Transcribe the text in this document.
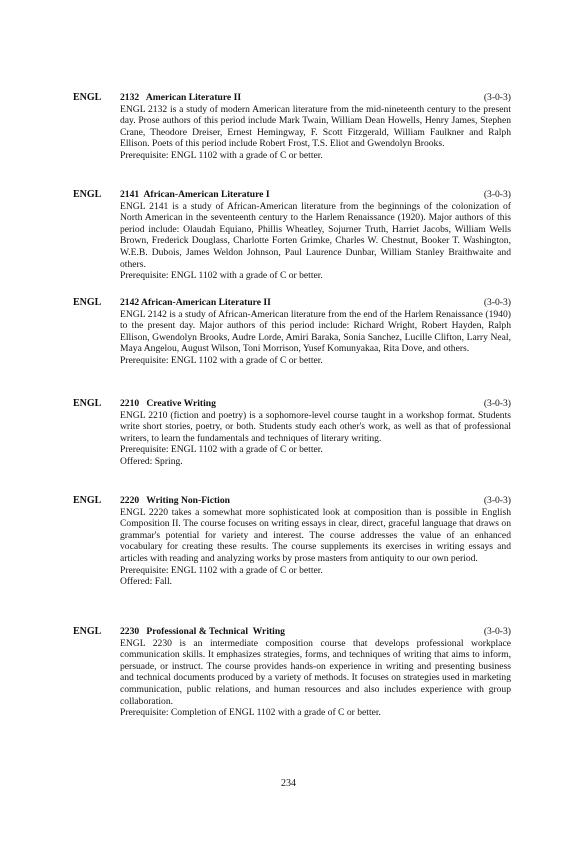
ENGL 2132   American Literature II	(3-0-3)
ENGL 2132 is a study of modern American literature from the mid-nineteenth century to the present day. Prose authors of this period include Mark Twain, William Dean Howells, Henry James, Stephen Crane, Theodore Dreiser, Ernest Hemingway, F. Scott Fitzgerald, William Faulkner and Ralph Ellison. Poets of this period include Robert Frost, T.S. Eliot and Gwendolyn Brooks.
Prerequisite: ENGL 1102 with a grade of C or better.
ENGL 2141  African-American Literature I	(3-0-3)
ENGL 2141 is a study of African-American literature from the beginnings of the colonization of North American in the seventeenth century to the Harlem Renaissance (1920). Major authors of this period include: Olaudah Equiano, Phillis Wheatley, Sojurner Truth, Harriet Jacobs, William Wells Brown, Frederick Douglass, Charlotte Forten Grimke, Charles W. Chestnut, Booker T. Washington, W.E.B. Dubois, James Weldon Johnson, Paul Laurence Dunbar, William Stanley Braithwaite and others.
Prerequisite: ENGL 1102 with a grade of C or better.
ENGL 2142 African-American Literature II	(3-0-3)
ENGL 2142 is a study of African-American literature from the end of the Harlem Renaissance (1940) to the present day. Major authors of this period include: Richard Wright, Robert Hayden, Ralph Ellison, Gwendolyn Brooks, Audre Lorde, Amiri Baraka, Sonia Sanchez, Lucille Clifton, Larry Neal, Maya Angelou, August Wilson, Toni Morrison, Yusef Komunyakaa, Rita Dove, and others.
Prerequisite: ENGL 1102 with a grade of C or better.
ENGL 2210   Creative Writing	(3-0-3)
ENGL 2210 (fiction and poetry) is a sophomore-level course taught in a workshop format. Students write short stories, poetry, or both. Students study each other's work, as well as that of professional writers, to learn the fundamentals and techniques of literary writing.
Prerequisite: ENGL 1102 with a grade of C or better.
Offered: Spring.
ENGL 2220   Writing Non-Fiction	(3-0-3)
ENGL 2220 takes a somewhat more sophisticated look at composition than is possible in English Composition II. The course focuses on writing essays in clear, direct, graceful language that draws on grammar's potential for variety and interest. The course addresses the value of an enhanced vocabulary for creating these results. The course supplements its exercises in writing essays and articles with reading and analyzing works by prose masters from antiquity to our own period.
Prerequisite: ENGL 1102 with a grade of C or better.
Offered: Fall.
ENGL 2230   Professional & Technical  Writing	(3-0-3)
ENGL 2230 is an intermediate composition course that develops professional workplace communication skills. It emphasizes strategies, forms, and techniques of writing that aims to inform, persuade, or instruct. The course provides hands-on experience in writing and presenting business and technical documents produced by a variety of methods. It focuses on strategies used in marketing communication, public relations, and human resources and also includes experience with group collaboration.
Prerequisite: Completion of ENGL 1102 with a grade of C or better.
234
